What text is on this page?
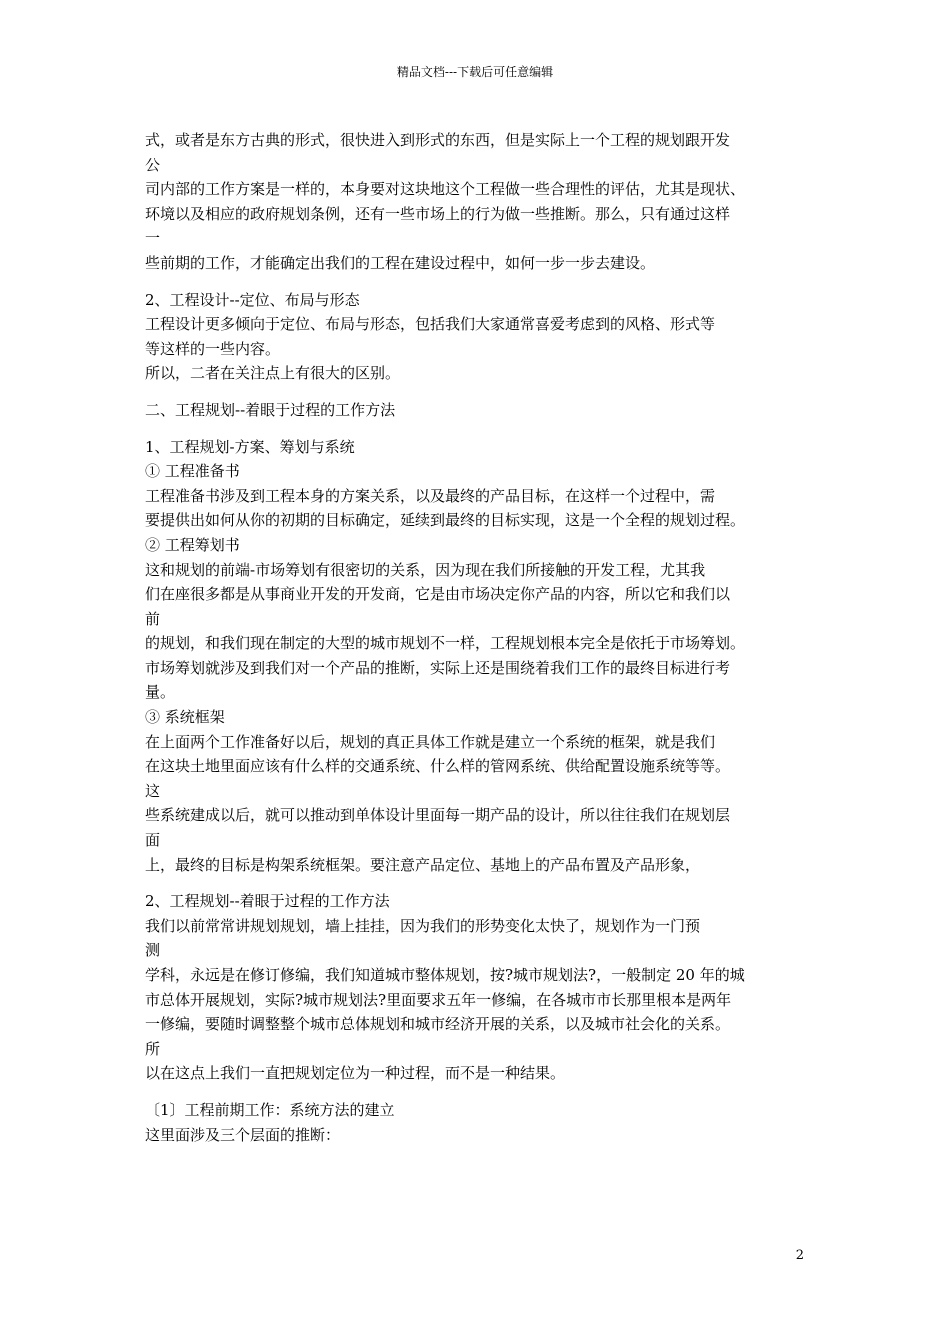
精品文档---下载后可任意编辑
式，或者是东方古典的形式，很快进入到形式的东西，但是实际上一个工程的规划跟开发
公
司内部的工作方案是一样的，本身要对这块地这个工程做一些合理性的评估，尤其是现状、
环境以及相应的政府规划条例，还有一些市场上的行为做一些推断。那么，只有通过这样
一
些前期的工作，才能确定出我们的工程在建设过程中，如何一步一步去建设。
2、工程设计--定位、布局与形态
工程设计更多倾向于定位、布局与形态，包括我们大家通常喜爱考虑到的风格、形式等
等这样的一些内容。
所以，二者在关注点上有很大的区别。
二、工程规划--着眼于过程的工作方法
1、工程规划-方案、筹划与系统
① 工程准备书
工程准备书涉及到工程本身的方案关系，以及最终的产品目标，在这样一个过程中，需
要提供出如何从你的初期的目标确定，延续到最终的目标实现，这是一个全程的规划过程。
② 工程筹划书
这和规划的前端-市场筹划有很密切的关系，因为现在我们所接触的开发工程，尤其我
们在座很多都是从事商业开发的开发商，它是由市场决定你产品的内容，所以它和我们以
前
的规划，和我们现在制定的大型的城市规划不一样，工程规划根本完全是依托于市场筹划。
市场筹划就涉及到我们对一个产品的推断，实际上还是围绕着我们工作的最终目标进行考
量。
③ 系统框架
在上面两个工作准备好以后，规划的真正具体工作就是建立一个系统的框架，就是我们
在这块土地里面应该有什么样的交通系统、什么样的管网系统、供给配置设施系统等等。
这
些系统建成以后，就可以推动到单体设计里面每一期产品的设计，所以往往我们在规划层
面
上，最终的目标是构架系统框架。要注意产品定位、基地上的产品布置及产品形象，
2、工程规划--着眼于过程的工作方法
我们以前常常讲规划规划，墙上挂挂，因为我们的形势变化太快了，规划作为一门预
测
学科，永远是在修订修编，我们知道城市整体规划，按?城市规划法?，一般制定 20 年的城
市总体开展规划，实际?城市规划法?里面要求五年一修编，在各城市市长那里根本是两年
一修编，要随时调整整个城市总体规划和城市经济开展的关系，以及城市社会化的关系。
所
以在这点上我们一直把规划定位为一种过程，而不是一种结果。
〔1〕工程前期工作：系统方法的建立
这里面涉及三个层面的推断：
2
